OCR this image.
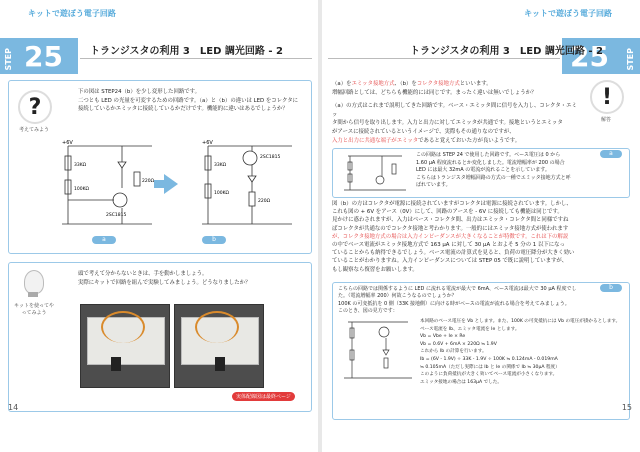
キットで遊ぼう電子回路
STEP 25	トランジスタの利用 3　LED 調光回路 - 2
?
考えてみよう
下の図は STEP24（b）を少し変形した回路です。
二つとも LED の光量を可変するための回路です。（a）と（b）の違いは LED をコレクタに
接続しているかエミッタに接続しているかだけです。機能的に違いはあるでしょうか？
+6V
33KΩ
100KΩ
220Ω
2SC1815
+6V
33KΩ
100KΩ
2SC1815
220Ω
a	b
キットを使ってやってみよう
頭で考えて分からないときは、手を動かしましょう。
実際にキットで回路を組んで実験してみましょう。どうなりましたか？
実体配線図は最終ページ
14
キットで遊ぼう電子回路
25 STEP
トランジスタの利用 3　LED 調光回路 - 2
!
解答
（a）をエミッタ接地方式、（b）をコレクタ接地方式といいます。
増幅回路としては、どちらも機能的には同じです。まったく違いは無いでしょうか？
（a）の方式はこれまで説明してきた回路です。ベース・エミッタ間に信号を入力し、コレクタ・エミッ
タ間から信号を取り出します。入力と出力に対してエミッタが共通です。接地というとエミッタ
がアースに接続されているというイメージで、実際もその通りなのですが、
入力と出力に共通な端子がエミッタであると覚えておいた方が良いようです。
この回路は STEP 24 で使用した回路です。ベース電圧は 0 から
1.60 μA 程度流れるとか変化しました。電流増幅率が 200 の場合
LED には最大 32mA の電流が流れることを示しています。
こちらはトランジスタ増幅回路の方式の一種でエミッタ接地方式と呼
ばれています。
a
図（b）の方はコレクタが電源に接続されていますがコレクタは電源に接続されています。しかし、
これも図の + 6V をアース（0V）にして、回路のアースを - 6V に接続しても機能は同じです。
見かけに惑わされますが、入力はベース・コレクタ間、出力はエミッタ・コレクタ間と同様ですね
ばコレクタが共通なのでコレクタ接地と考わかります。一般的にはエミッタ接地方式が使われます
が、コレクタ接地方式の場合は入力インピーダンスが大きくなることが特徴です。これは下の解説
の中でベース電流がエミッタ接地方式で 163 μA に対して 30 μA とおよそ 5 分の 1 以下になっ
ていることからも納得できるでしょう。ベース電流の計算式を見ると、負荷の電圧降分が大きく効い
ていることがわかりますね。入力インピーダンスについては STEP 05 で既に説明していますが、
もし観察なら復習をお願いします。
b
こちらの回路では関係するように LED に流れる電流が最大で 6mA、ベース電流は最大で 30 μA 程度でし
た。（電流増幅率 200）何故こうなるのでしょうか？
100K の可変抵抗を 0 側（33K 接地側）に向ける時がベースの電流が流れる場合を考えてみましょう。
このとき、図の見方です：
本回路のベース電圧を Vb とします。また、100K の可変抵抗には Vb の電圧が掛かるとします。
ベース電流を Ib、エミッタ電流を Ie とします。
Vb = Vbe + Ie × Re
Vb = 0.6V + 6mA × 220Ω ≒ 1.9V
これから Ib の計算を行います。
Ib = (6V - 1.9V) ÷ 33K - 1.9V ÷ 100K ≒ 0.124mA - 0.019mA
≒ 0.105mA（ただし実際には Ib と Ie の関係で Ib ≒ 30μA 程度）
このように負荷抵抗が大きく効いてベース電流が小さくなります。
エミッタ接地の場合は 163μA でした。
15
